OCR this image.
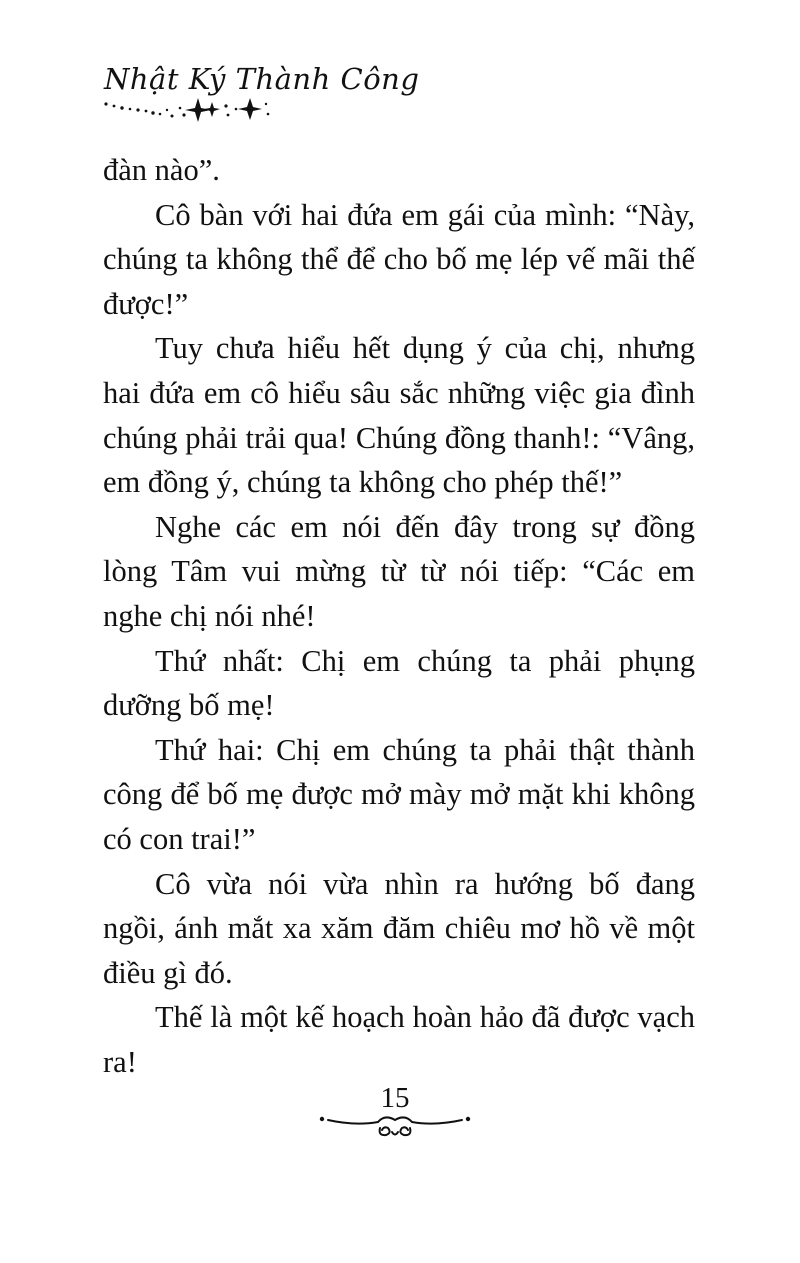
Nhật Ký Thành Công

đàn nào”.

Cô bàn với hai đứa em gái của mình: “Này, chúng ta không thể để cho bố mẹ lép vế mãi thế được!”

Tuy chưa hiểu hết dụng ý của chị, nhưng hai đứa em cô hiểu sâu sắc những việc gia đình chúng phải trải qua! Chúng đồng thanh!: “Vâng, em đồng ý, chúng ta không cho phép thế!”

Nghe các em nói đến đây trong sự đồng lòng Tâm vui mừng từ từ nói tiếp: “Các em nghe chị nói nhé!

Thứ nhất: Chị em chúng ta phải phụng dưỡng bố mẹ!

Thứ hai: Chị em chúng ta phải thật thành công để bố mẹ được mở mày mở mặt khi không có con trai!”

Cô vừa nói vừa nhìn ra hướng bố đang ngồi, ánh mắt xa xăm đăm chiêu mơ hồ về một điều gì đó.

Thế là một kế hoạch hoàn hảo đã được vạch ra!

15
